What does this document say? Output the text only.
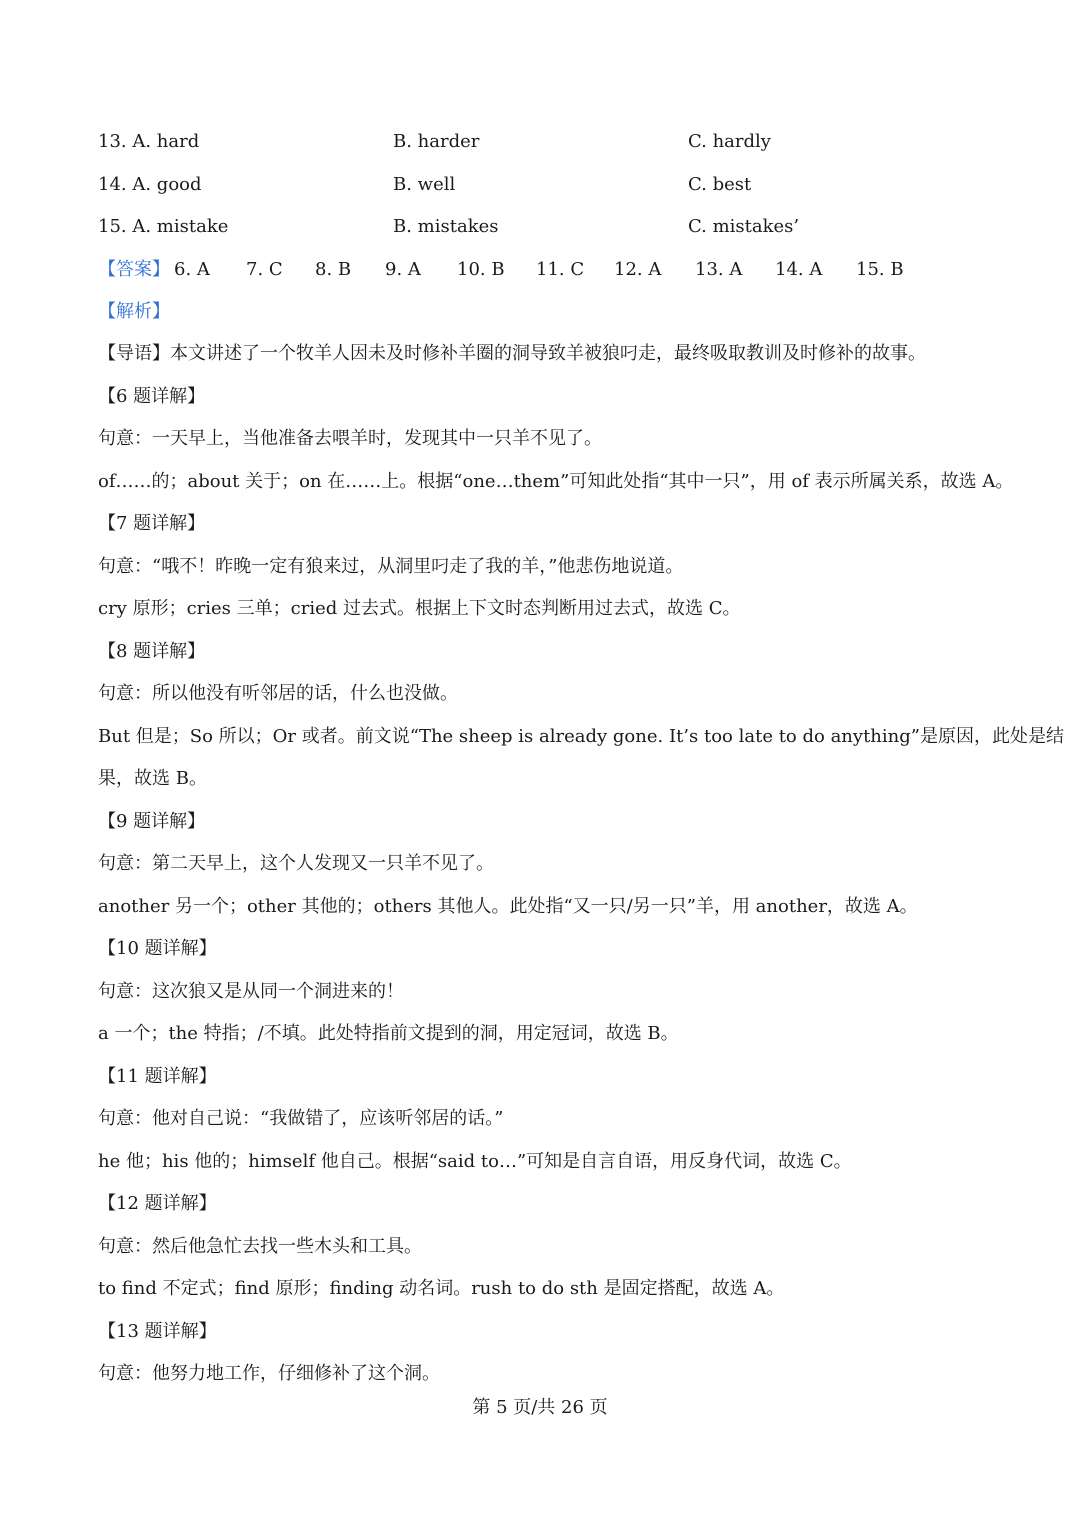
13. A. hard	B. harder	C. hardly
14. A. good	B. well	C. best
15. A. mistake	B. mistakes	C. mistakes’
【答案】 6. A 7. C 8. B 9. A 10. B 11. C 12. A 13. A 14. A 15. B
【解析】
【导语】本文讲述了一个牧羊人因未及时修补羊圈的洞导致羊被狼叼走，最终吸取教训及时修补的故事。
【6 题详解】
句意：一天早上，当他准备去喂羊时，发现其中一只羊不见了。
of……的；about 关于；on 在……上。根据“one…them”可知此处指“其中一只”，用 of 表示所属关系，故选 A。
【7 题详解】
句意：“哦不！昨晚一定有狼来过，从洞里叼走了我的羊，”他悲伤地说道。
cry 原形；cries 三单；cried 过去式。根据上下文时态判断用过去式，故选 C。
【8 题详解】
句意：所以他没有听邻居的话，什么也没做。
But 但是；So 所以；Or 或者。前文说“The sheep is already gone. It’s too late to do anything”是原因，此处是结
果，故选 B。
【9 题详解】
句意：第二天早上，这个人发现又一只羊不见了。
another 另一个；other 其他的；others 其他人。此处指“又一只/另一只”羊，用 another，故选 A。
【10 题详解】
句意：这次狼又是从同一个洞进来的！
a 一个；the 特指；/不填。此处特指前文提到的洞，用定冠词，故选 B。
【11 题详解】
句意：他对自己说：“我做错了，应该听邻居的话。”
he 他；his 他的；himself 他自己。根据“said to…”可知是自言自语，用反身代词，故选 C。
【12 题详解】
句意：然后他急忙去找一些木头和工具。
to find 不定式；find 原形；finding 动名词。rush to do sth 是固定搭配，故选 A。
【13 题详解】
句意：他努力地工作，仔细修补了这个洞。
第 5 页/共 26 页
